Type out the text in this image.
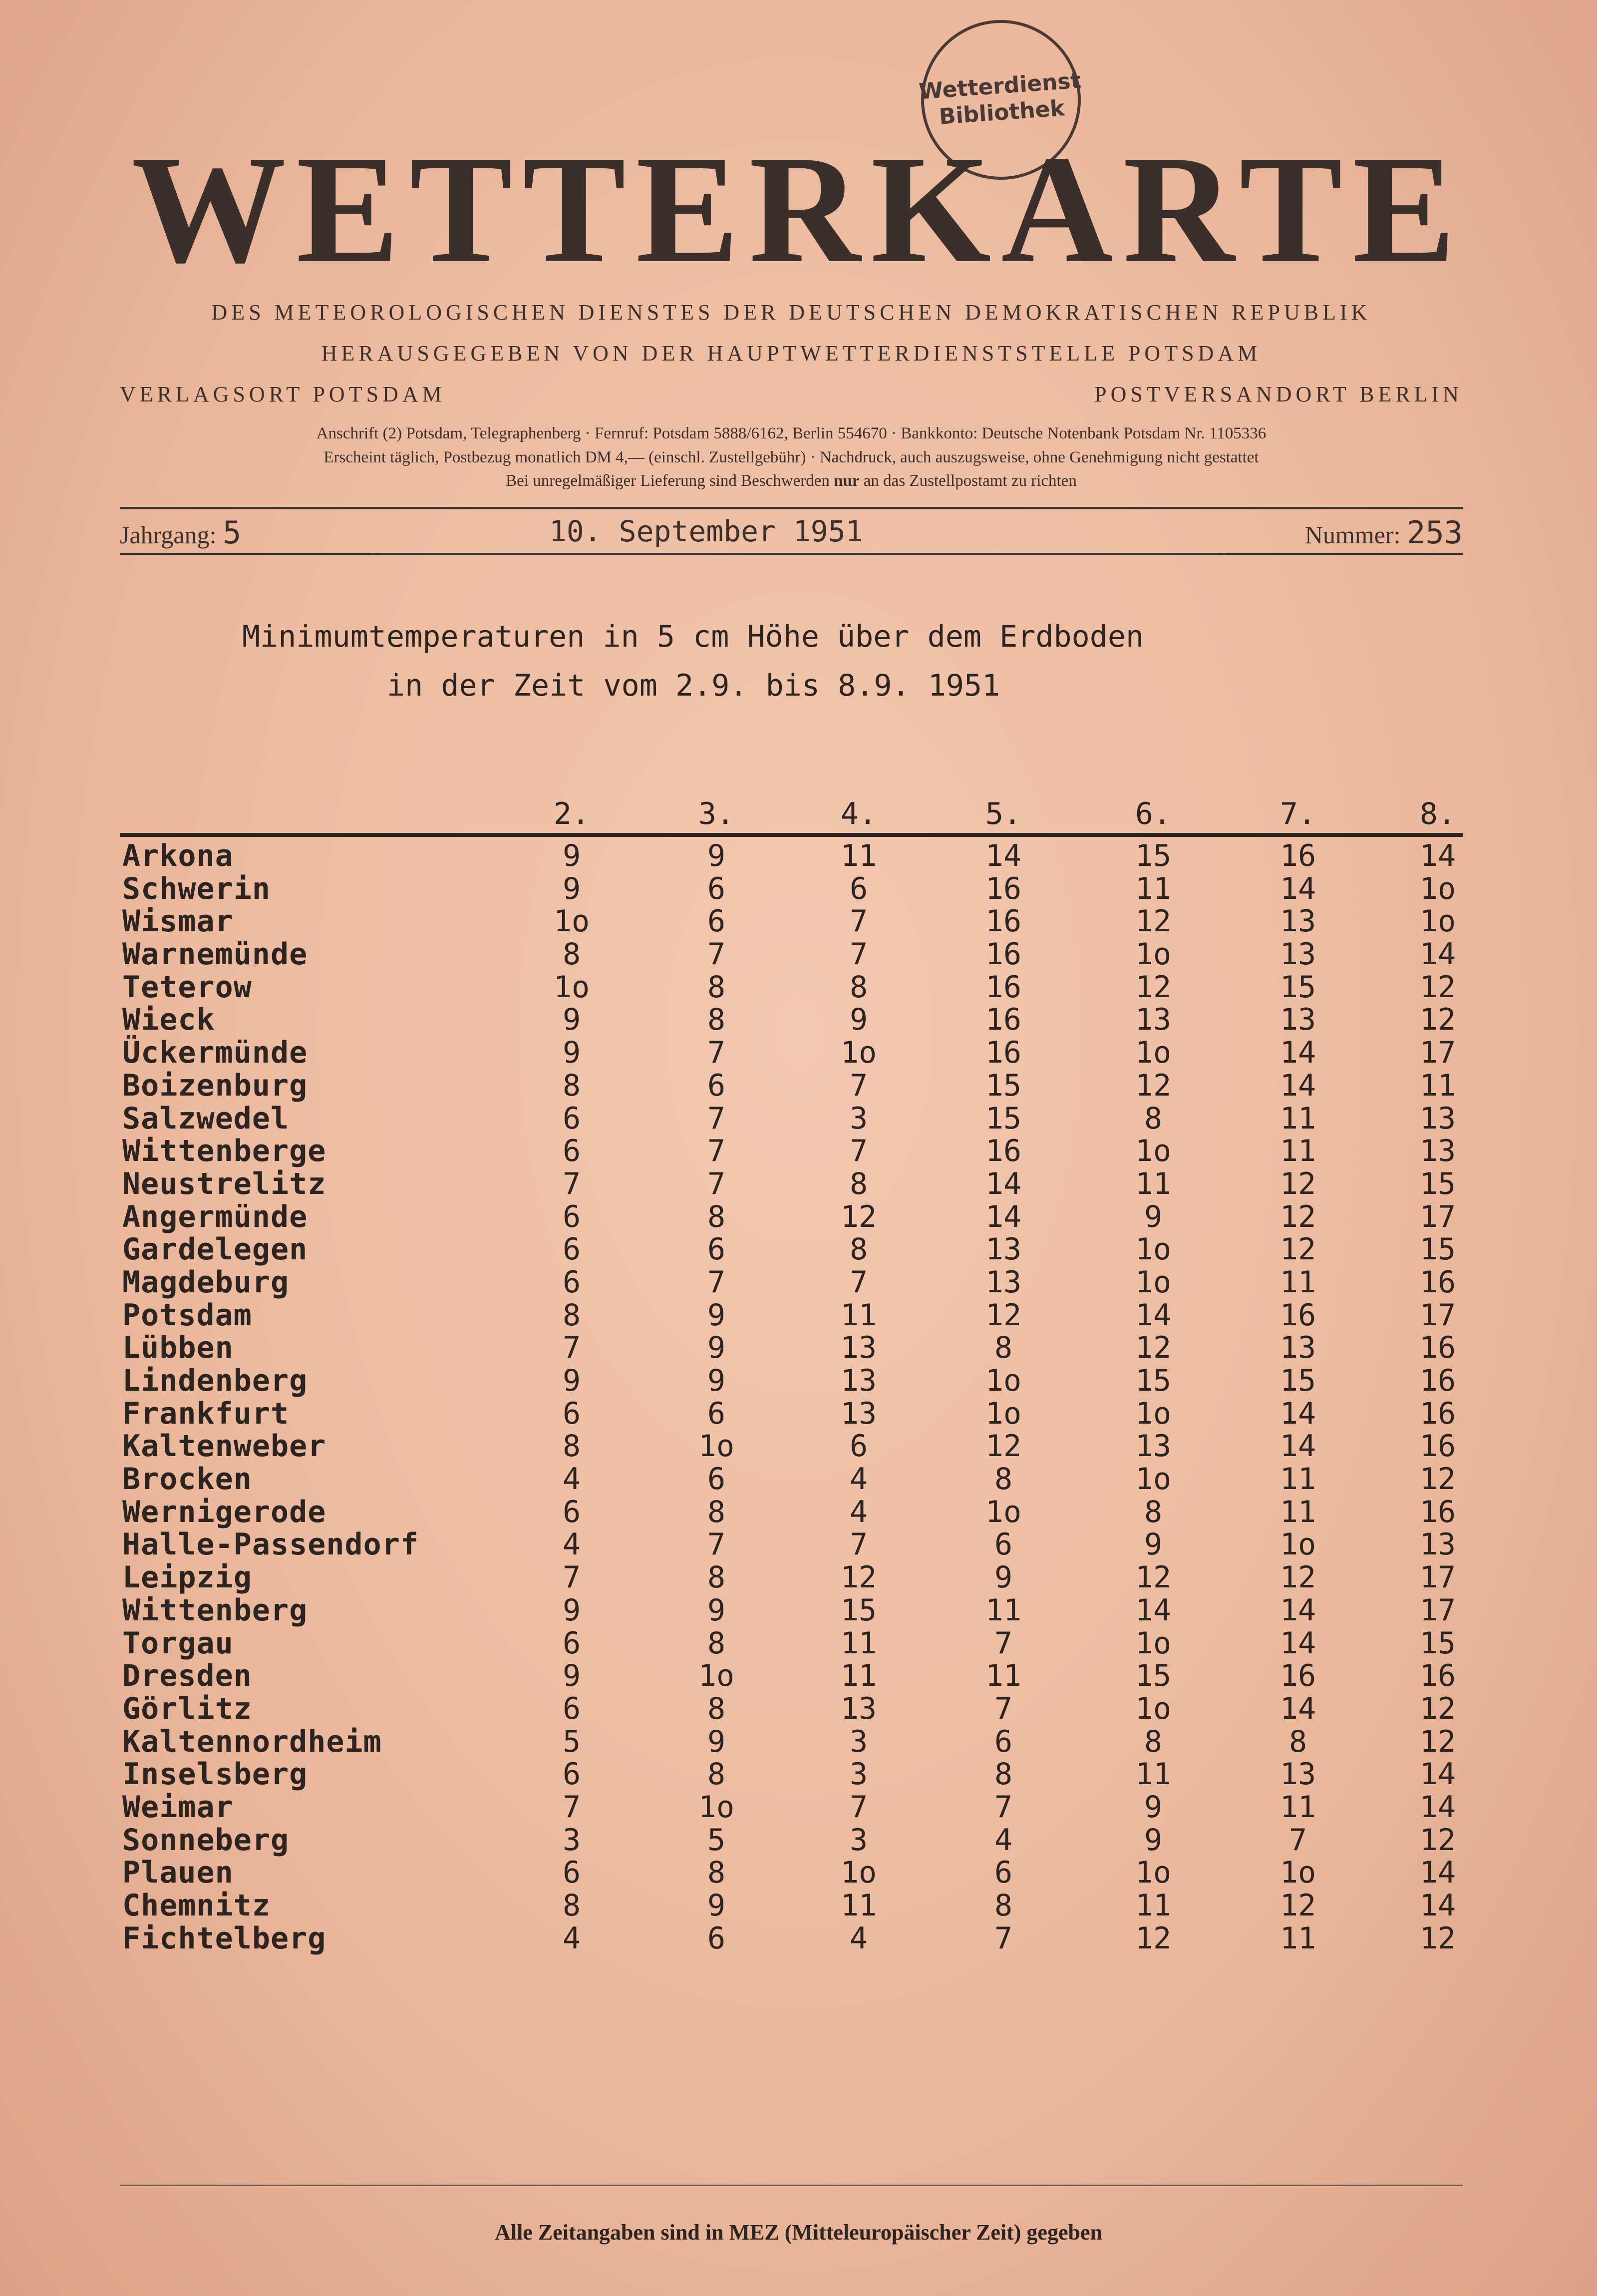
Wetterdienst
Bibliothek
WETTERKARTE
DES METEOROLOGISCHEN DIENSTES DER DEUTSCHEN DEMOKRATISCHEN REPUBLIK
HERAUSGEGEBEN VON DER HAUPTWETTERDIENSTSTELLE POTSDAM
VERLAGSORT POTSDAM	POSTVERSANDORT BERLIN
Anschrift (2) Potsdam, Telegraphenberg · Fernruf: Potsdam 5888/6162, Berlin 554670 · Bankkonto: Deutsche Notenbank Potsdam Nr. 1105336
Erscheint täglich, Postbezug monatlich DM 4,— (einschl. Zustellgebühr) · Nachdruck, auch auszugsweise, ohne Genehmigung nicht gestattet
Bei unregelmäßiger Lieferung sind Beschwerden nur an das Zustellpostamt zu richten
Jahrgang: 5	10. September 1951	Nummer: 253
Minimumtemperaturen in 5 cm Höhe über dem Erdboden
in der Zeit vom 2.9. bis 8.9. 1951
2.	3.	4.	5.	6.	7.	8.
Arkona	9	9	11	14	15	16	14
Schwerin	9	6	6	16	11	14	1o
Wismar	1o	6	7	16	12	13	1o
Warnemünde	8	7	7	16	1o	13	14
Teterow	1o	8	8	16	12	15	12
Wieck	9	8	9	16	13	13	12
Ückermünde	9	7	1o	16	1o	14	17
Boizenburg	8	6	7	15	12	14	11
Salzwedel	6	7	3	15	8	11	13
Wittenberge	6	7	7	16	1o	11	13
Neustrelitz	7	7	8	14	11	12	15
Angermünde	6	8	12	14	9	12	17
Gardelegen	6	6	8	13	1o	12	15
Magdeburg	6	7	7	13	1o	11	16
Potsdam	8	9	11	12	14	16	17
Lübben	7	9	13	8	12	13	16
Lindenberg	9	9	13	1o	15	15	16
Frankfurt	6	6	13	1o	1o	14	16
Kaltenweber	8	1o	6	12	13	14	16
Brocken	4	6	4	8	1o	11	12
Wernigerode	6	8	4	1o	8	11	16
Halle-Passendorf	4	7	7	6	9	1o	13
Leipzig	7	8	12	9	12	12	17
Wittenberg	9	9	15	11	14	14	17
Torgau	6	8	11	7	1o	14	15
Dresden	9	1o	11	11	15	16	16
Görlitz	6	8	13	7	1o	14	12
Kaltennordheim	5	9	3	6	8	8	12
Inselsberg	6	8	3	8	11	13	14
Weimar	7	1o	7	7	9	11	14
Sonneberg	3	5	3	4	9	7	12
Plauen	6	8	1o	6	1o	1o	14
Chemnitz	8	9	11	8	11	12	14
Fichtelberg	4	6	4	7	12	11	12
Alle Zeitangaben sind in MEZ (Mitteleuropäischer Zeit) gegeben
